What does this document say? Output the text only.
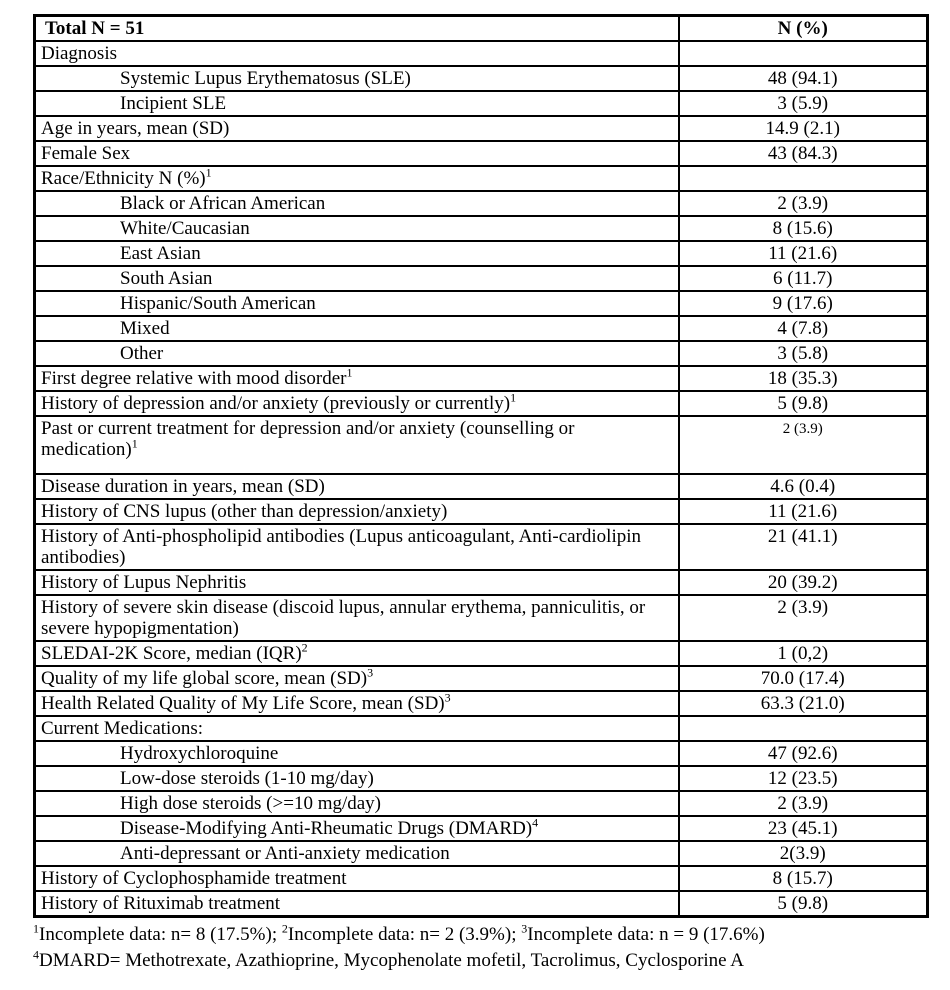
Total N = 51	N (%)
Diagnosis	
Systemic Lupus Erythematosus (SLE)	48 (94.1)
Incipient SLE	3 (5.9)
Age in years, mean (SD)	14.9 (2.1)
Female Sex	43 (84.3)
Race/Ethnicity N (%)$^1$	
Black or African American	2 (3.9)
White/Caucasian	8 (15.6)
East Asian	11 (21.6)
South Asian	6 (11.7)
Hispanic/South American	9 (17.6)
Mixed	4 (7.8)
Other	3 (5.8)
First degree relative with mood disorder$^1$	18 (35.3)
History of depression and/or anxiety (previously or currently)$^1$	5 (9.8)
Past or current treatment for depression and/or anxiety (counselling or medication)$^1$	2 (3.9)
Disease duration in years, mean (SD)	4.6 (0.4)
History of CNS lupus (other than depression/anxiety)	11 (21.6)
History of Anti-phospholipid antibodies (Lupus anticoagulant, Anti-cardiolipin antibodies)	21 (41.1)
History of Lupus Nephritis	20 (39.2)
History of severe skin disease (discoid lupus, annular erythema, panniculitis, or severe hypopigmentation)	2 (3.9)
SLEDAI-2K Score, median (IQR)$^2$	1 (0,2)
Quality of my life global score, mean (SD)$^3$	70.0 (17.4)
Health Related Quality of My Life Score, mean (SD)$^3$	63.3 (21.0)
Current Medications:	
Hydroxychloroquine	47 (92.6)
Low-dose steroids (1-10 mg/day)	12 (23.5)
High dose steroids (>=10 mg/day)	2 (3.9)
Disease-Modifying Anti-Rheumatic Drugs (DMARD)$^4$	23 (45.1)
Anti-depressant or Anti-anxiety medication	2(3.9)
History of Cyclophosphamide treatment	8 (15.7)
History of Rituximab treatment	5 (9.8)
$^1$Incomplete data: n= 8 (17.5%); $^2$Incomplete data: n= 2 (3.9%); $^3$Incomplete data: n = 9 (17.6%)
$^4$DMARD= Methotrexate, Azathioprine, Mycophenolate mofetil, Tacrolimus, Cyclosporine A
